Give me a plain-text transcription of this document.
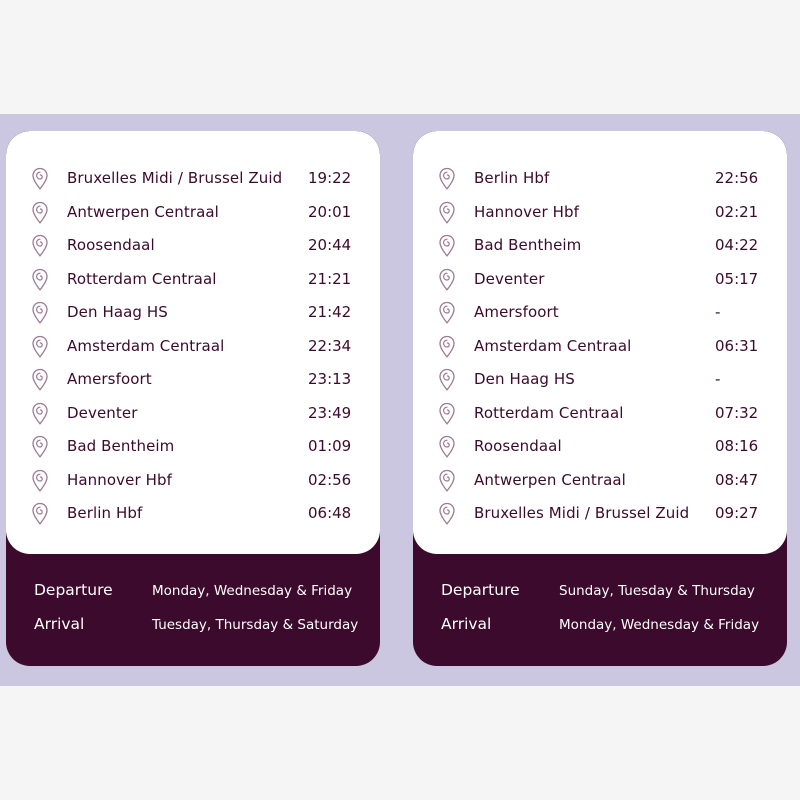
Bruxelles Midi / Brussel Zuid 19:22
Antwerpen Centraal	20:01
Roosendaal	20:44
Rotterdam Centraal	21:21
Den Haag HS	21:42
Amsterdam Centraal	22:34
Amersfoort	23:13
Deventer	23:49
Bad Bentheim	01:09
Hannover Hbf	02:56
Berlin Hbf	06:48
Departure	Monday, Wednesday & Friday
Arrival	Tuesday, Thursday & Saturday
Berlin Hbf	22:56
Hannover Hbf	02:21
Bad Bentheim	04:22
Deventer	05:17
Amersfoort	-
Amsterdam Centraal	06:31
Den Haag HS	-
Rotterdam Centraal	07:32
Roosendaal	08:16
Antwerpen Centraal	08:47
Bruxelles Midi / Brussel Zuid 09:27
Departure	Sunday, Tuesday & Thursday
Arrival	Monday, Wednesday & Friday
